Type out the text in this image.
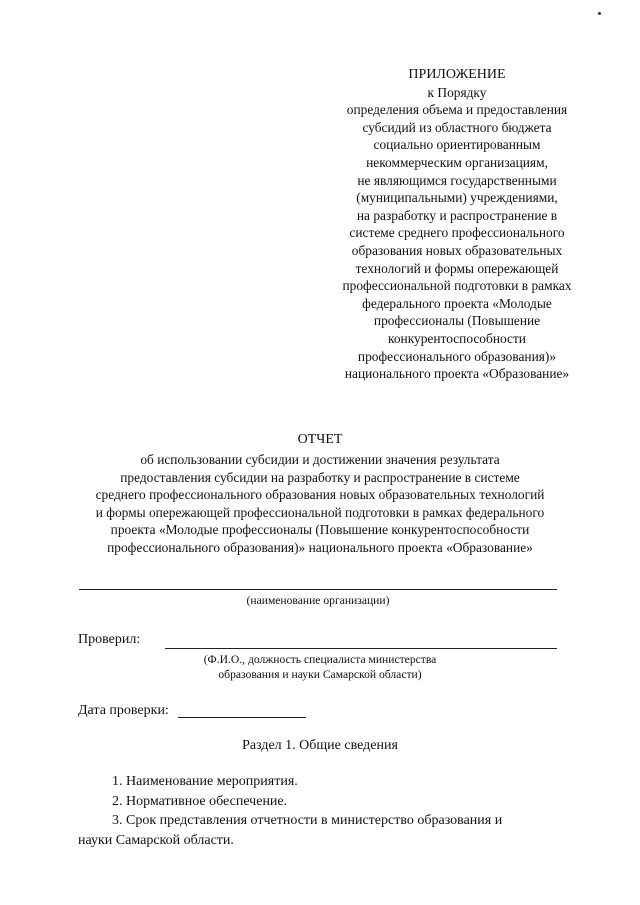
ПРИЛОЖЕНИЕ
к Порядку
определения объема и предоставления
субсидий из областного бюджета
социально ориентированным
некоммерческим организациям,
не являющимся государственными
(муниципальными) учреждениями,
на разработку и распространение в
системе среднего профессионального
образования новых образовательных
технологий и формы опережающей
профессиональной подготовки в рамках
федерального проекта «Молодые
профессионалы (Повышение
конкурентоспособности
профессионального образования)»
национального проекта «Образование»
ОТЧЕТ
об использовании субсидии и достижении значения результата
предоставления субсидии на разработку и распространение в системе
среднего профессионального образования новых образовательных технологий
и формы опережающей профессиональной подготовки в рамках федерального
проекта «Молодые профессионалы (Повышение конкурентоспособности
профессионального образования)» национального проекта «Образование»
(наименование организации)
Проверил:
(Ф.И.О., должность специалиста министерства
образования и науки Самарской области)
Дата проверки:
Раздел 1. Общие сведения
1. Наименование мероприятия.
2. Нормативное обеспечение.
3. Срок представления отчетности в министерство образования и
науки Самарской области.
